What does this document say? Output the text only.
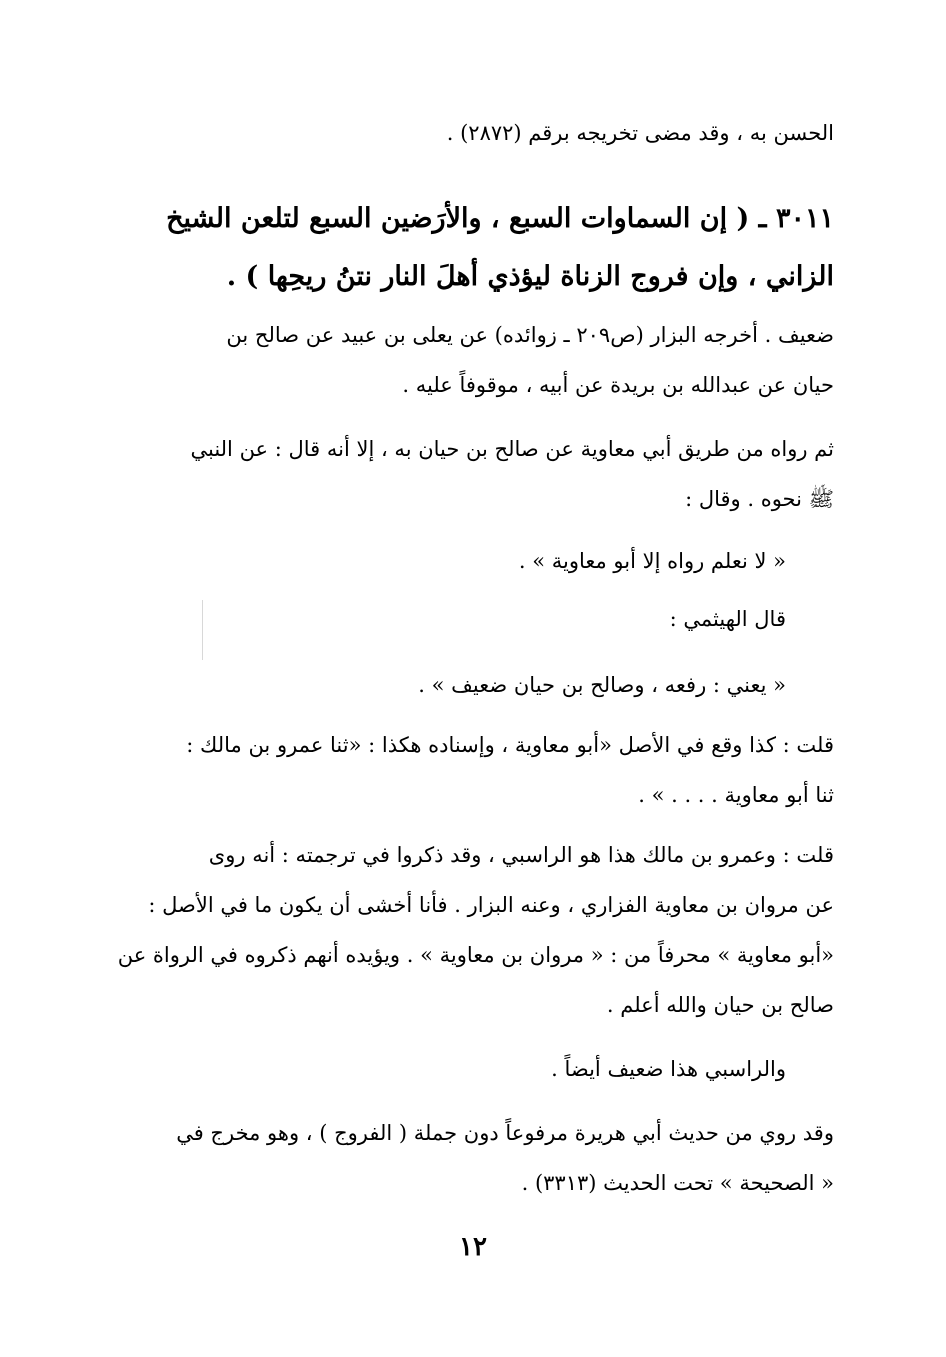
الحسن به ، وقد مضى تخريجه برقم (٢٨٧٢) .
٣٠١١ ـ ( إن السماوات السبع ، والأرَضين السبع لتلعن الشيخ
الزاني ، وإن فروج الزناة ليؤذي أهلَ النار نتنُ ريحِها ) .
ضعيف . أخرجه البزار (ص٢٠٩ ـ زوائده) عن يعلى بن عبيد عن صالح بن
حيان عن عبدالله بن بريدة عن أبيه ، موقوفاً عليه .
ثم رواه من طريق أبي معاوية عن صالح بن حيان به ، إلا أنه قال : عن النبي
ﷺ نحوه . وقال :
« لا نعلم رواه إلا أبو معاوية » .
قال الهيثمي :
« يعني : رفعه ، وصالح بن حيان ضعيف » .
قلت : كذا وقع في الأصل «أبو معاوية ، وإسناده هكذا : «ثنا عمرو بن مالك :
ثنا أبو معاوية . . . . » .
قلت : وعمرو بن مالك هذا هو الراسبي ، وقد ذكروا في ترجمته : أنه روى
عن مروان بن معاوية الفزاري ، وعنه البزار . فأنا أخشى أن يكون ما في الأصل :
«أبو معاوية » محرفاً من : « مروان بن معاوية » . ويؤيده أنهم ذكروه في الرواة عن
صالح بن حيان والله أعلم .
والراسبي هذا ضعيف أيضاً .
وقد روي من حديث أبي هريرة مرفوعاً دون جملة ( الفروج ) ، وهو مخرج في
« الصحيحة » تحت الحديث (٣٣١٣) .
١٢
